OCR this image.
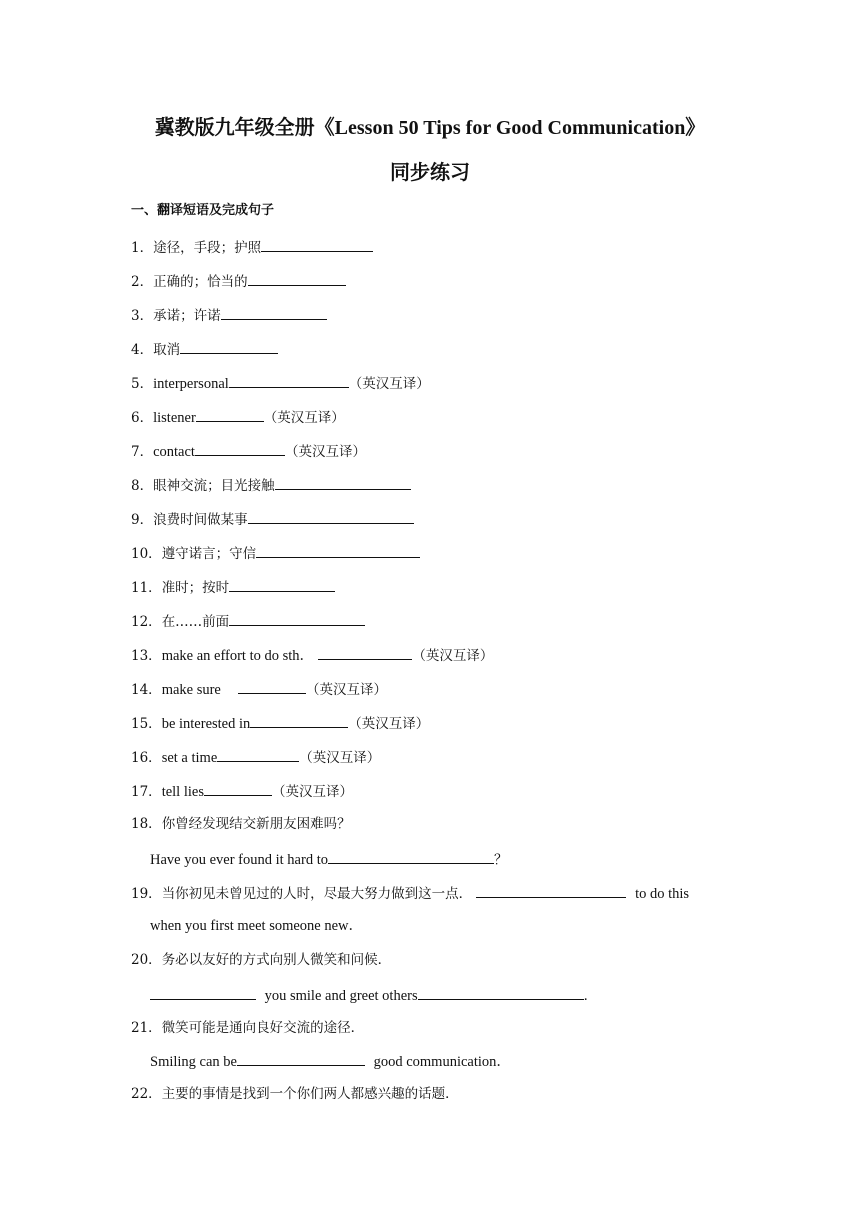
冀教版九年级全册《Lesson 50 Tips for Good Communication》
同步练习
一、翻译短语及完成句子
1．途径，手段；护照
2．正确的；恰当的
3．承诺；许诺
4．取消
5．interpersonal	（英汉互译）
6．listener	（英汉互译）
7．contact	（英汉互译）
8．眼神交流；目光接触
9．浪费时间做某事
10．遵守诺言；守信
11．准时；按时
12．在……前面
13．make an effort to do sth．	（英汉互译）
14．make sure	（英汉互译）
15．be interested in	（英汉互译）
16．set a time	（英汉互译）
17．tell lies	（英汉互译）
18．你曾经发现结交新朋友困难吗？
Have you ever found it hard to	？
19．当你初见未曾见过的人时，尽最大努力做到这一点．	to do this
when you first meet someone new．
20．务必以友好的方式向别人微笑和问候．
you smile and greet others	．
21．微笑可能是通向良好交流的途径．
Smiling can be	good communication．
22．主要的事情是找到一个你们两人都感兴趣的话题．
